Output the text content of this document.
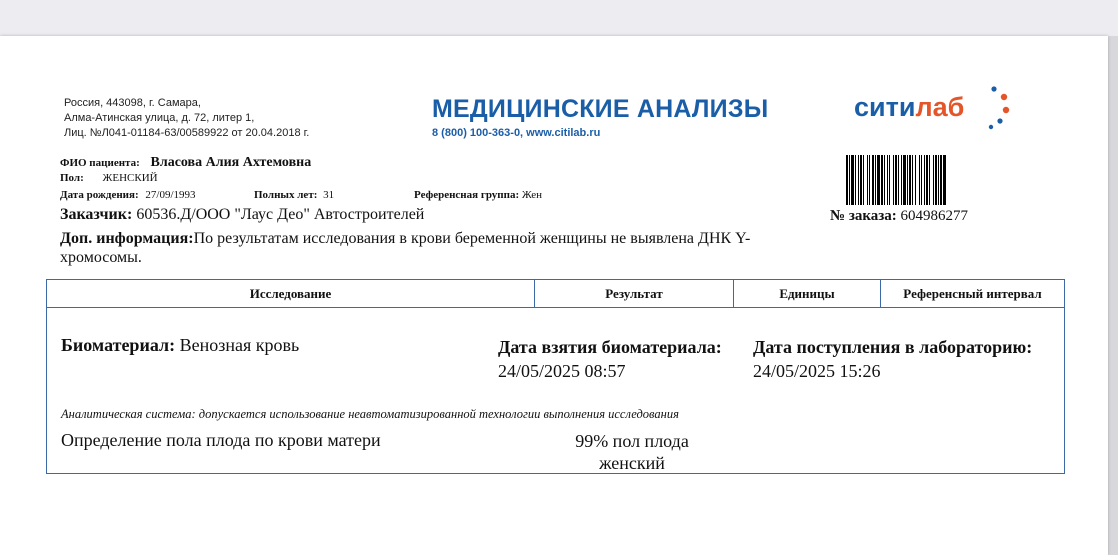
Россия, 443098, г. Самара,
Алма-Атинская улица, д. 72, литер 1,
Лиц. №Л041-01184-63/00589922 от 20.04.2018 г.
МЕДИЦИНСКИЕ АНАЛИЗЫ
8 (800) 100-363-0, www.citilab.ru
ситилаб
№ заказа: 604986277
ФИО пациента: Власова Алия Ахтемовна
Пол: ЖЕНСКИЙ
Дата рождения: 27/09/1993	Полных лет: 31	Референсная группа: Жен
Заказчик: 60536.Д/ООО "Лаус Део" Автостроителей
Доп. информация:По результатам исследования в крови беременной женщины не выявлена ДНК Y-хромосомы.
Исследование	Результат	Единицы	Референсный интервал
Биоматериал: Венозная кровь	Дата взятия биоматериала:
24/05/2025 08:57
Дата поступления в лабораторию:
24/05/2025 15:26
Аналитическая система: допускается использование неавтоматизированной технологии выполнения исследования
Определение пола плода по крови матери	99% пол плода женский
